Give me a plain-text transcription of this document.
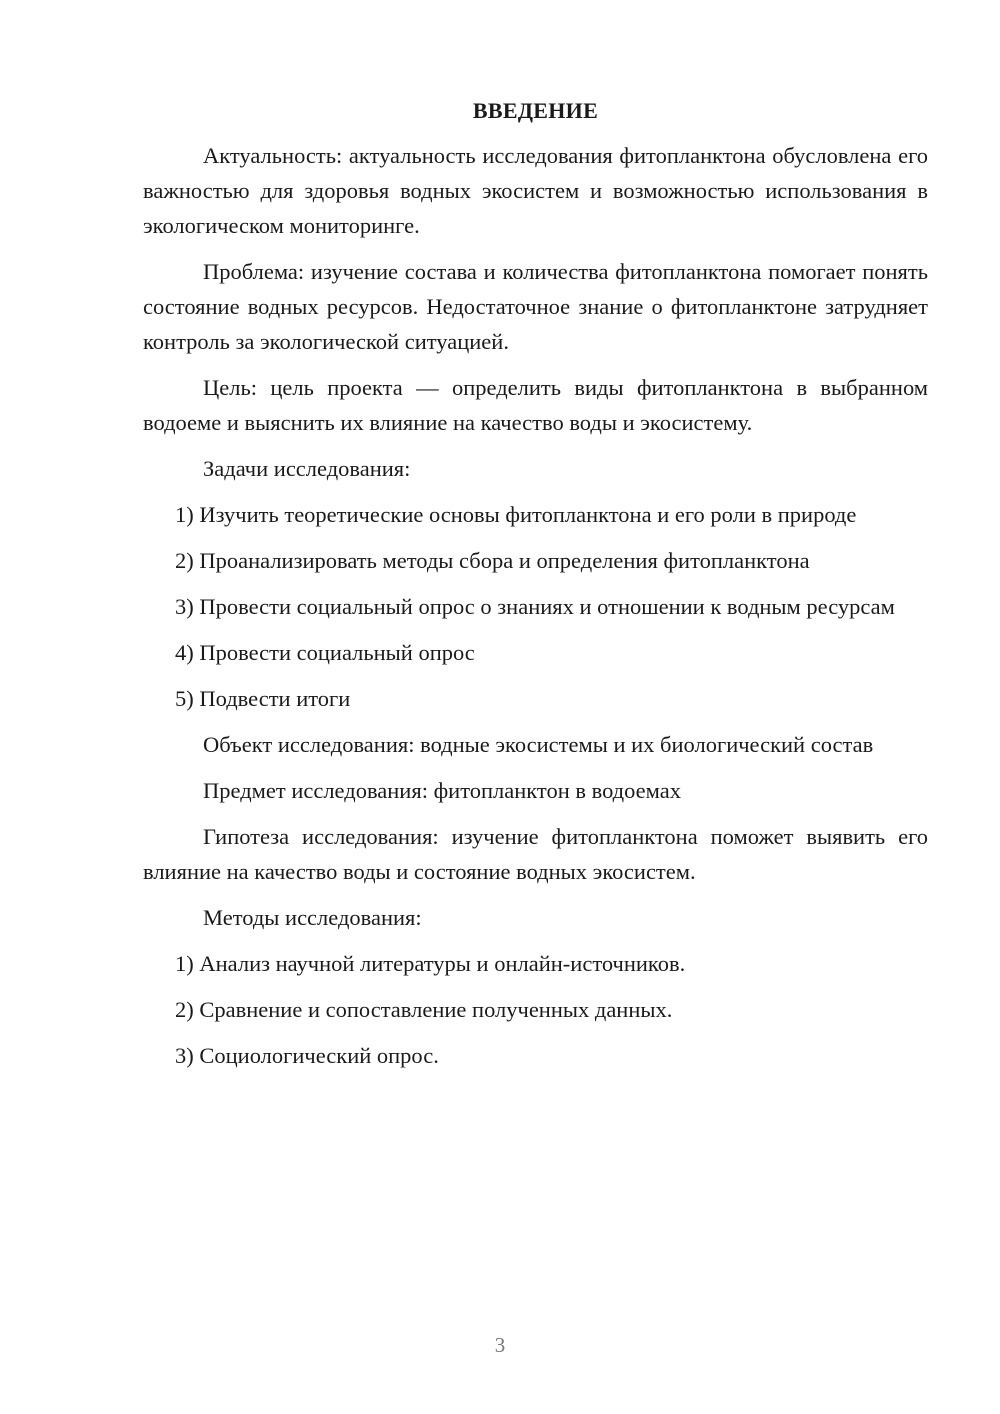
ВВЕДЕНИЕ

Актуальность: актуальность исследования фитопланктона обусловлена его важностью для здоровья водных экосистем и возможностью использования в экологическом мониторинге.

Проблема: изучение состава и количества фитопланктона помогает понять состояние водных ресурсов. Недостаточное знание о фитопланктоне затрудняет контроль за экологической ситуацией.

Цель: цель проекта — определить виды фитопланктона в выбранном водоеме и выяснить их влияние на качество воды и экосистему.

Задачи исследования:

1) Изучить теоретические основы фитопланктона и его роли в природе

2) Проанализировать методы сбора и определения фитопланктона

3) Провести социальный опрос о знаниях и отношении к водным ресурсам

4) Провести социальный опрос

5) Подвести итоги

Объект исследования: водные экосистемы и их биологический состав

Предмет исследования: фитопланктон в водоемах

Гипотеза исследования: изучение фитопланктона поможет выявить его влияние на качество воды и состояние водных экосистем.

Методы исследования:

1) Анализ научной литературы и онлайн-источников.

2) Сравнение и сопоставление полученных данных.

3) Социологический опрос.

3
